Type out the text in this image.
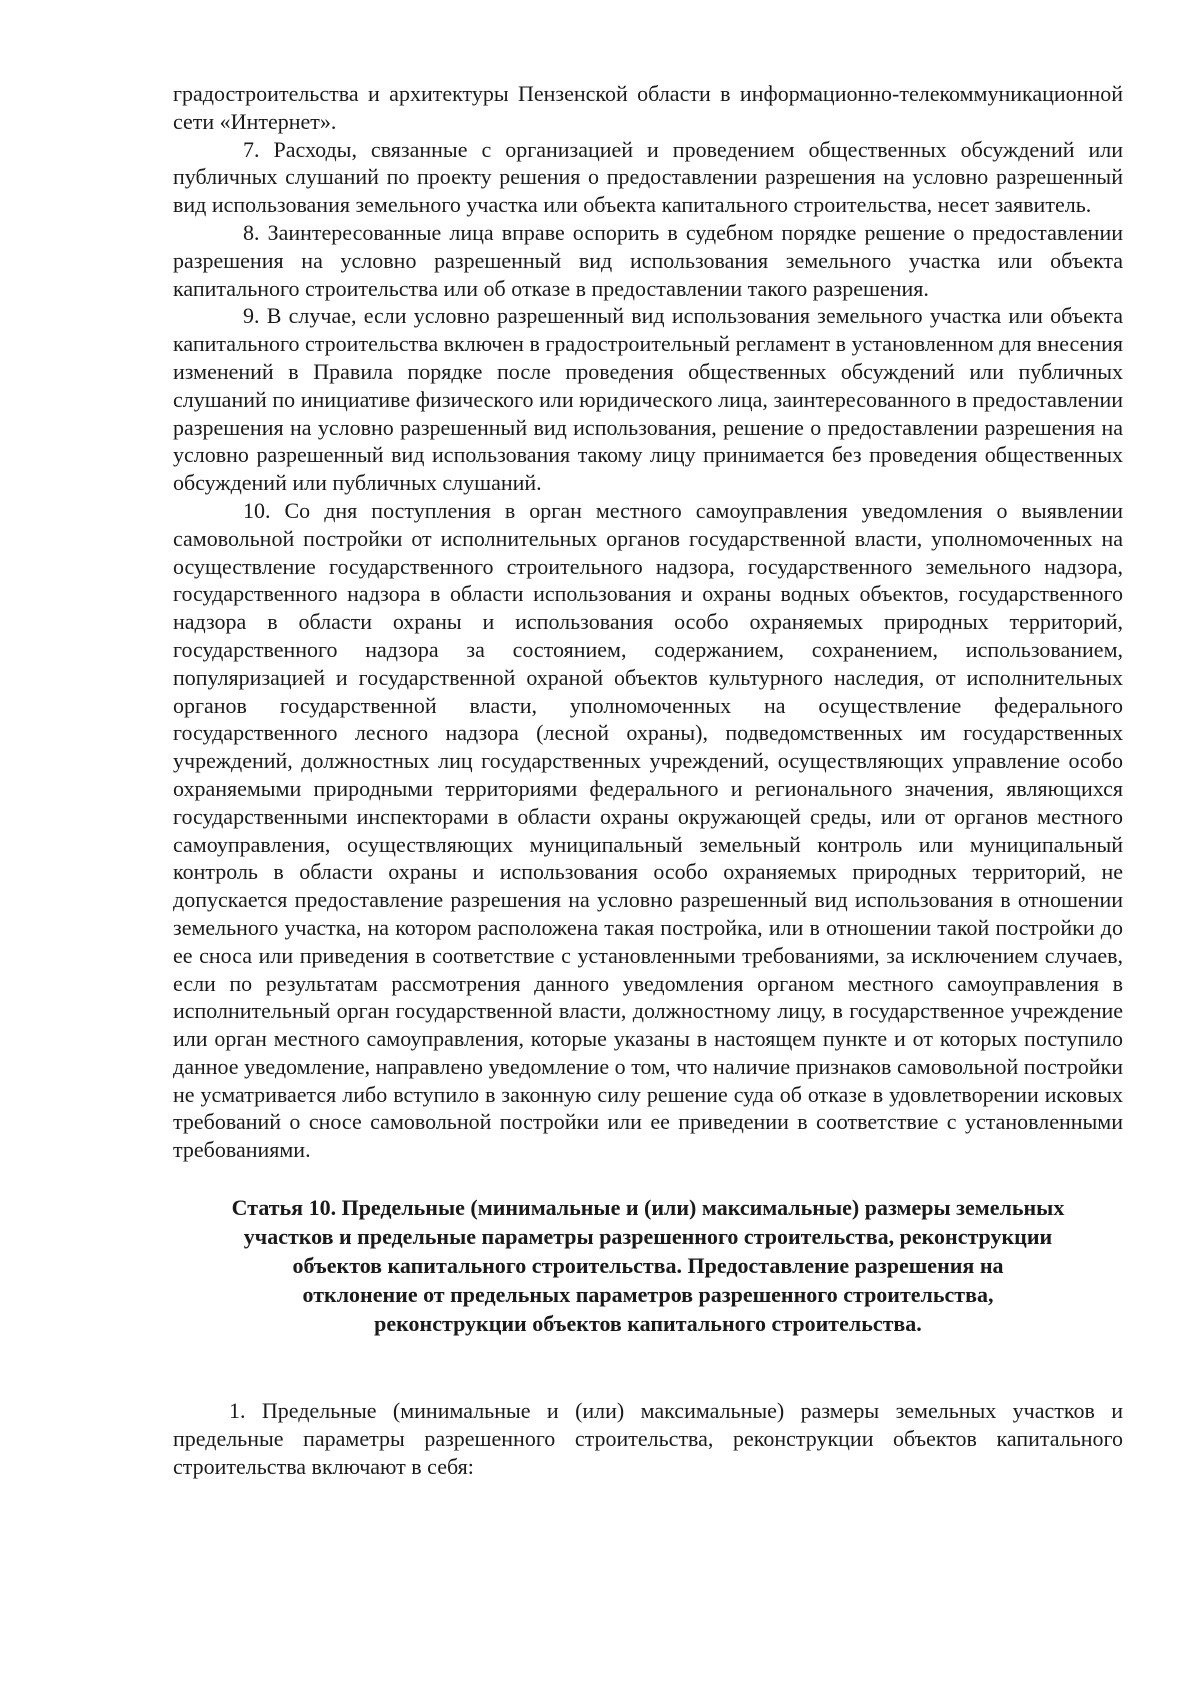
градостроительства и архитектуры Пензенской области в информационно-телекоммуникационной сети «Интернет».

7. Расходы, связанные с организацией и проведением общественных обсуждений или публичных слушаний по проекту решения о предоставлении разрешения на условно разрешенный вид использования земельного участка или объекта капитального строительства, несет заявитель.

8. Заинтересованные лица вправе оспорить в судебном порядке решение о предоставлении разрешения на условно разрешенный вид использования земельного участка или объекта капитального строительства или об отказе в предоставлении такого разрешения.

9. В случае, если условно разрешенный вид использования земельного участка или объекта капитального строительства включен в градостроительный регламент в установленном для внесения изменений в Правила порядке после проведения общественных обсуждений или публичных слушаний по инициативе физического или юридического лица, заинтересованного в предоставлении разрешения на условно разрешенный вид использования, решение о предоставлении разрешения на условно разрешенный вид использования такому лицу принимается без проведения общественных обсуждений или публичных слушаний.

10. Со дня поступления в орган местного самоуправления уведомления о выявлении самовольной постройки от исполнительных органов государственной власти, уполномоченных на осуществление государственного строительного надзора, государственного земельного надзора, государственного надзора в области использования и охраны водных объектов, государственного надзора в области охраны и использования особо охраняемых природных территорий, государственного надзора за состоянием, содержанием, сохранением, использованием, популяризацией и государственной охраной объектов культурного наследия, от исполнительных органов государственной власти, уполномоченных на осуществление федерального государственного лесного надзора (лесной охраны), подведомственных им государственных учреждений, должностных лиц государственных учреждений, осуществляющих управление особо охраняемыми природными территориями федерального и регионального значения, являющихся государственными инспекторами в области охраны окружающей среды, или от органов местного самоуправления, осуществляющих муниципальный земельный контроль или муниципальный контроль в области охраны и использования особо охраняемых природных территорий, не допускается предоставление разрешения на условно разрешенный вид использования в отношении земельного участка, на котором расположена такая постройка, или в отношении такой постройки до ее сноса или приведения в соответствие с установленными требованиями, за исключением случаев, если по результатам рассмотрения данного уведомления органом местного самоуправления в исполнительный орган государственной власти, должностному лицу, в государственное учреждение или орган местного самоуправления, которые указаны в настоящем пункте и от которых поступило данное уведомление, направлено уведомление о том, что наличие признаков самовольной постройки не усматривается либо вступило в законную силу решение суда об отказе в удовлетворении исковых требований о сносе самовольной постройки или ее приведении в соответствие с установленными требованиями.

Статья 10. Предельные (минимальные и (или) максимальные) размеры земельных
участков и предельные параметры разрешенного строительства, реконструкции
объектов капитального строительства. Предоставление разрешения на
отклонение от предельных параметров разрешенного строительства,
реконструкции объектов капитального строительства.

1. Предельные (минимальные и (или) максимальные) размеры земельных участков и предельные параметры разрешенного строительства, реконструкции объектов капитального строительства включают в себя:
